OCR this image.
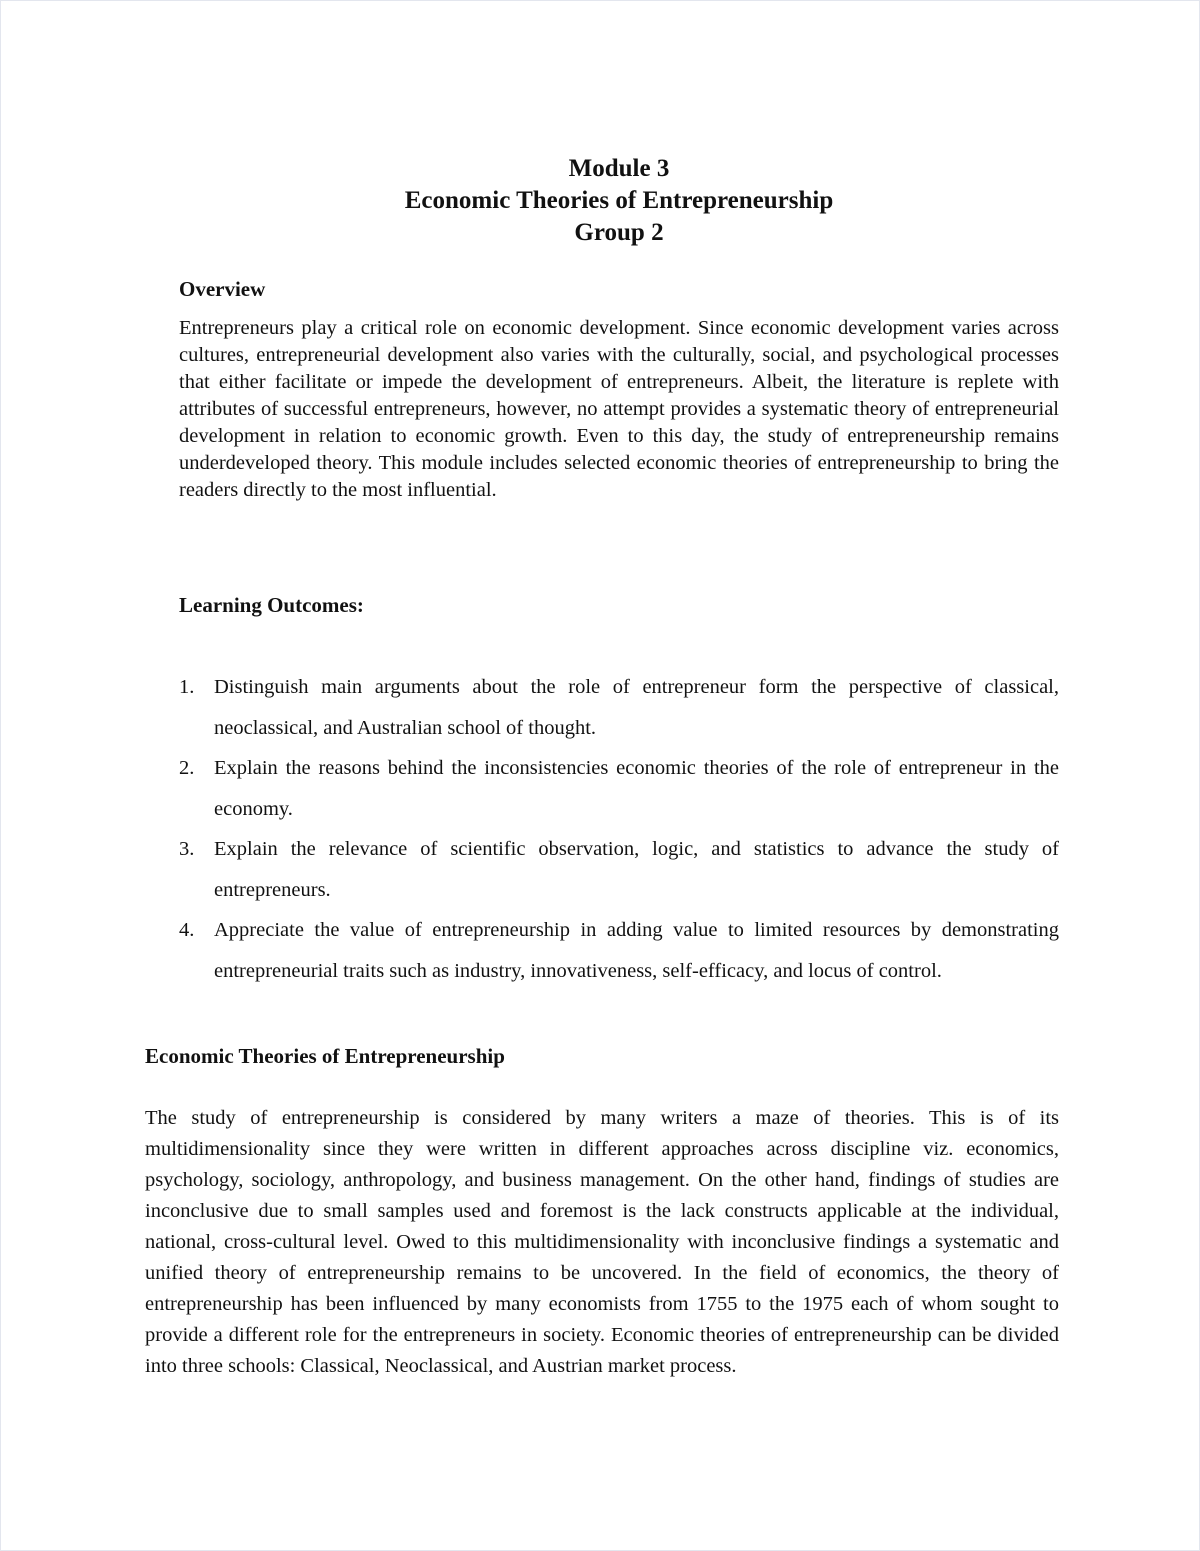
Module 3
Economic Theories of Entrepreneurship
Group 2
Overview
Entrepreneurs play a critical role on economic development. Since economic development varies across cultures, entrepreneurial development also varies with the culturally, social, and psychological processes that either facilitate or impede the development of entrepreneurs. Albeit, the literature is replete with attributes of successful entrepreneurs, however, no attempt provides a systematic theory of entrepreneurial development in relation to economic growth. Even to this day, the study of entrepreneurship remains underdeveloped theory. This module includes selected economic theories of entrepreneurship to bring the readers directly to the most influential.
Learning Outcomes:
1. Distinguish main arguments about the role of entrepreneur form the perspective of classical, neoclassical, and Australian school of thought.
2. Explain the reasons behind the inconsistencies economic theories of the role of entrepreneur in the economy.
3. Explain the relevance of scientific observation, logic, and statistics to advance the study of entrepreneurs.
4. Appreciate the value of entrepreneurship in adding value to limited resources by demonstrating entrepreneurial traits such as industry, innovativeness, self-efficacy, and locus of control.
Economic Theories of Entrepreneurship
The study of entrepreneurship is considered by many writers a maze of theories. This is of its multidimensionality since they were written in different approaches across discipline viz. economics, psychology, sociology, anthropology, and business management. On the other hand, findings of studies are inconclusive due to small samples used and foremost is the lack constructs applicable at the individual, national, cross-cultural level. Owed to this multidimensionality with inconclusive findings a systematic and unified theory of entrepreneurship remains to be uncovered. In the field of economics, the theory of entrepreneurship has been influenced by many economists from 1755 to the 1975 each of whom sought to provide a different role for the entrepreneurs in society. Economic theories of entrepreneurship can be divided into three schools: Classical, Neoclassical, and Austrian market process.
